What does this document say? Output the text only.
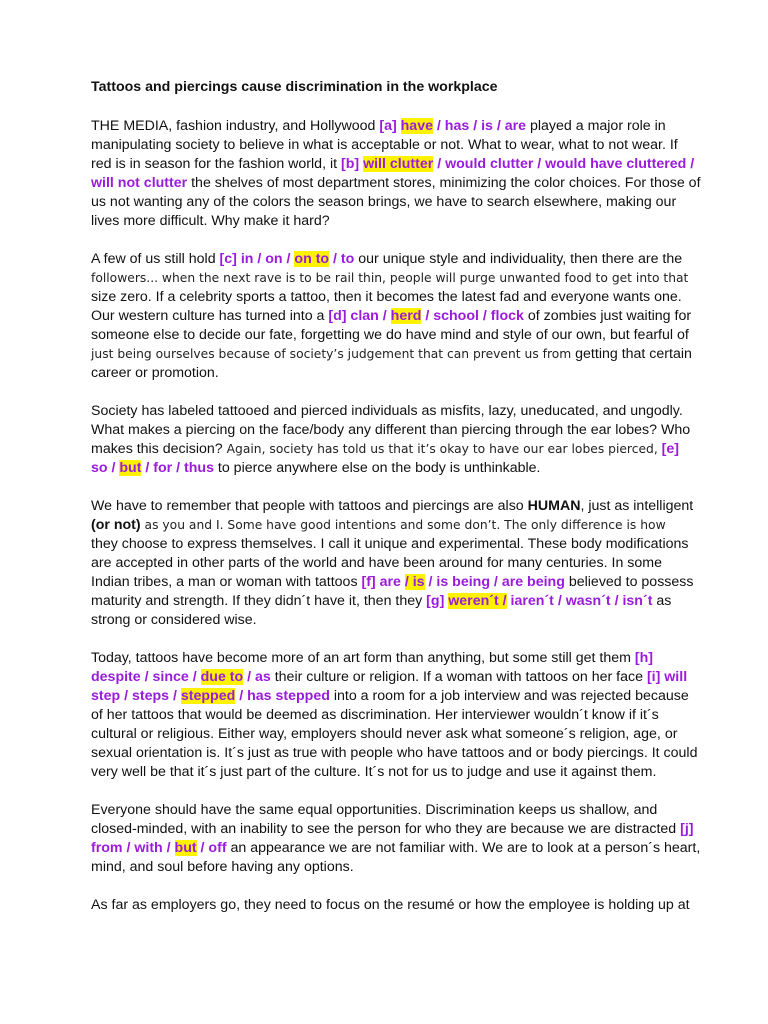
Tattoos and piercings cause discrimination in the workplace
THE MEDIA, fashion industry, and Hollywood [a] have / has / is / are played a major role in
manipulating society to believe in what is acceptable or not. What to wear, what to not wear. If
red is in season for the fashion world, it [b] will clutter / would clutter / would have cluttered /
will not clutter the shelves of most department stores, minimizing the color choices. For those of
us not wanting any of the colors the season brings, we have to search elsewhere, making our
lives more difficult. Why make it hard?
A few of us still hold [c] in / on / on to / to our unique style and individuality, then there are the
followers... when the next rave is to be rail thin, people will purge unwanted food to get into that
size zero. If a celebrity sports a tattoo, then it becomes the latest fad and everyone wants one.
Our western culture has turned into a [d] clan / herd / school / flock of zombies just waiting for
someone else to decide our fate, forgetting we do have mind and style of our own, but fearful of
just being ourselves because of society’s judgement that can prevent us from getting that certain
career or promotion.
Society has labeled tattooed and pierced individuals as misfits, lazy, uneducated, and ungodly.
What makes a piercing on the face/body any different than piercing through the ear lobes? Who
makes this decision? Again, society has told us that it’s okay to have our ear lobes pierced, [e]
so / but / for / thus to pierce anywhere else on the body is unthinkable.
We have to remember that people with tattoos and piercings are also HUMAN, just as intelligent
(or not) as you and I. Some have good intentions and some don’t. The only difference is how
they choose to express themselves. I call it unique and experimental. These body modifications
are accepted in other parts of the world and have been around for many centuries. In some
Indian tribes, a man or woman with tattoos [f] are / is / is being / are being believed to possess
maturity and strength. If they didn´t have it, then they [g] weren´t / iaren´t / wasn´t / isn´t as
strong or considered wise.
Today, tattoos have become more of an art form than anything, but some still get them [h]
despite / since / due to / as their culture or religion. If a woman with tattoos on her face [i] will
step / steps / stepped / has stepped into a room for a job interview and was rejected because
of her tattoos that would be deemed as discrimination. Her interviewer wouldn´t know if it´s
cultural or religious. Either way, employers should never ask what someone´s religion, age, or
sexual orientation is. It´s just as true with people who have tattoos and or body piercings. It could
very well be that it´s just part of the culture. It´s not for us to judge and use it against them.
Everyone should have the same equal opportunities. Discrimination keeps us shallow, and
closed-minded, with an inability to see the person for who they are because we are distracted [j]
from / with / but / off an appearance we are not familiar with. We are to look at a person´s heart,
mind, and soul before having any options.
As far as employers go, they need to focus on the resumé or how the employee is holding up at
